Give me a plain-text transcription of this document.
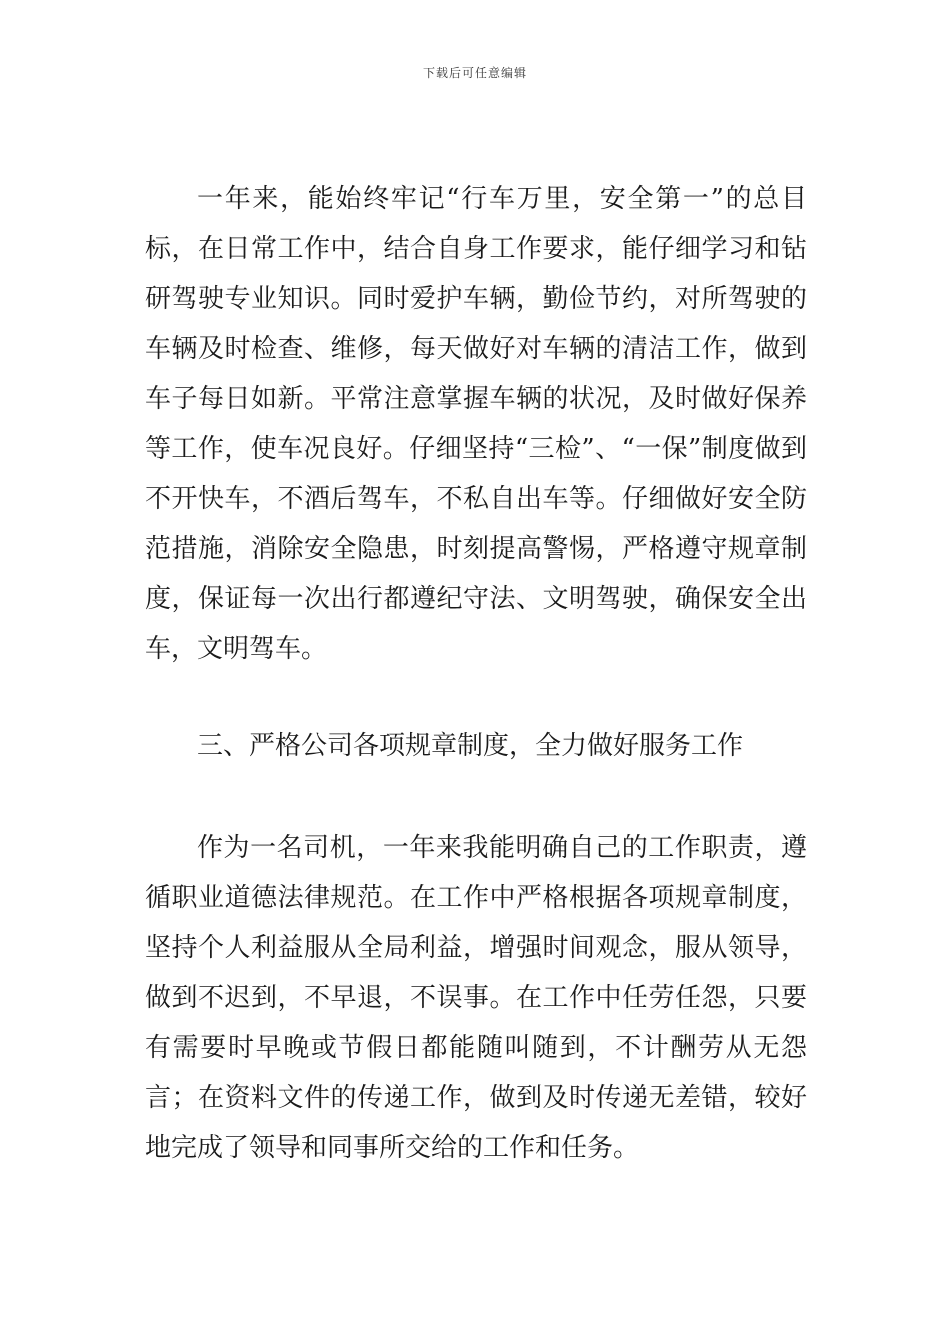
下载后可任意编辑

一年来，能始终牢记“行车万里，安全第一”的总目标，在日常工作中，结合自身工作要求，能仔细学习和钻研驾驶专业知识。同时爱护车辆，勤俭节约，对所驾驶的车辆及时检查、维修，每天做好对车辆的清洁工作，做到车子每日如新。平常注意掌握车辆的状况，及时做好保养等工作，使车况良好。仔细坚持“三检”、“一保”制度做到不开快车，不酒后驾车，不私自出车等。仔细做好安全防范措施，消除安全隐患，时刻提高警惕，严格遵守规章制度，保证每一次出行都遵纪守法、文明驾驶，确保安全出车，文明驾车。

三、严格公司各项规章制度，全力做好服务工作

作为一名司机，一年来我能明确自己的工作职责，遵循职业道德法律规范。在工作中严格根据各项规章制度，坚持个人利益服从全局利益，增强时间观念，服从领导，做到不迟到，不早退，不误事。在工作中任劳任怨，只要有需要时早晚或节假日都能随叫随到，不计酬劳从无怨言；在资料文件的传递工作，做到及时传递无差错，较好地完成了领导和同事所交给的工作和任务。
